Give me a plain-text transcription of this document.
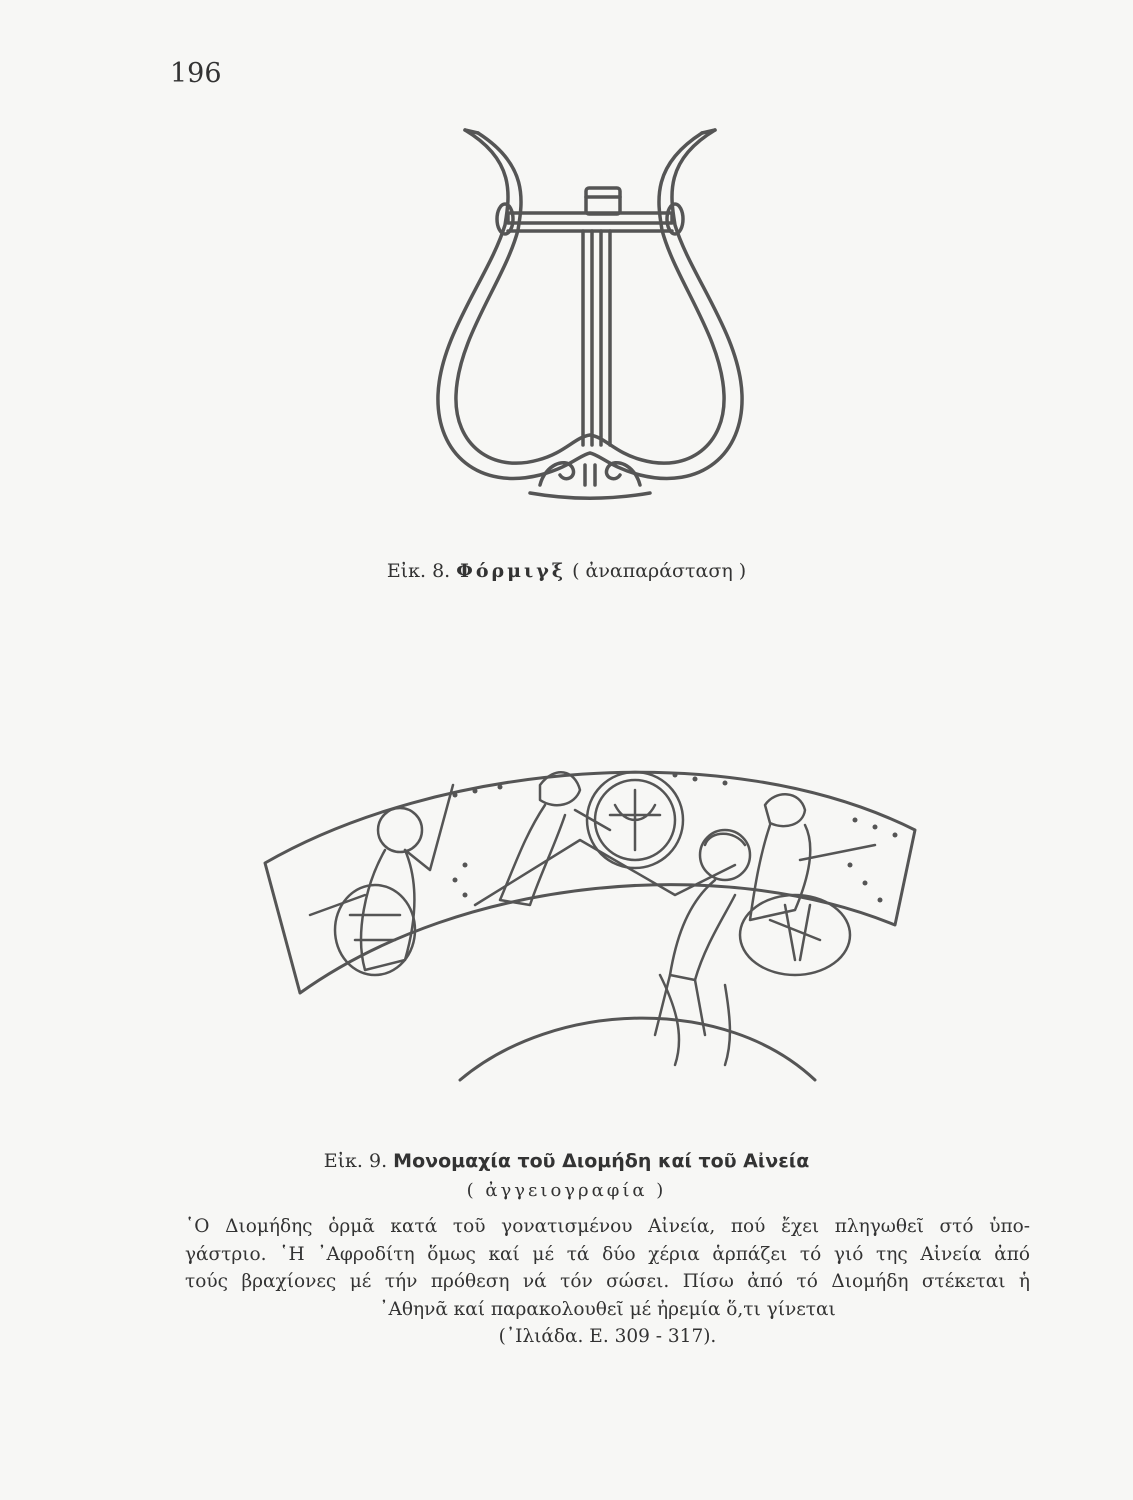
196
Εἰκ. 8. Φόρμιγξ ( ἀναπαράσταση )
Εἰκ. 9. Μονομαχία τοῦ Διομήδη καί τοῦ Αἰνεία
( ἀγγειογραφία )
῾Ο Διομήδης ὁρμᾶ κατά τοῦ γονατισμένου Αἰνεία, πού ἔχει πληγωθεῖ στό ὑπο-
γάστριο. ῾Η ᾿Αφροδίτη ὅμως καί μέ τά δύο χέρια ἁρπάζει τό γιό της Αἰνεία ἀπό
τούς βραχίονες μέ τήν πρόθεση νά τόν σώσει. Πίσω ἀπό τό Διομήδη στέκεται ἡ
᾿Αθηνᾶ καί παρακολουθεῖ μέ ἠρεμία ὅ,τι γίνεται
(᾿Ιλιάδα. Ε. 309 - 317).
